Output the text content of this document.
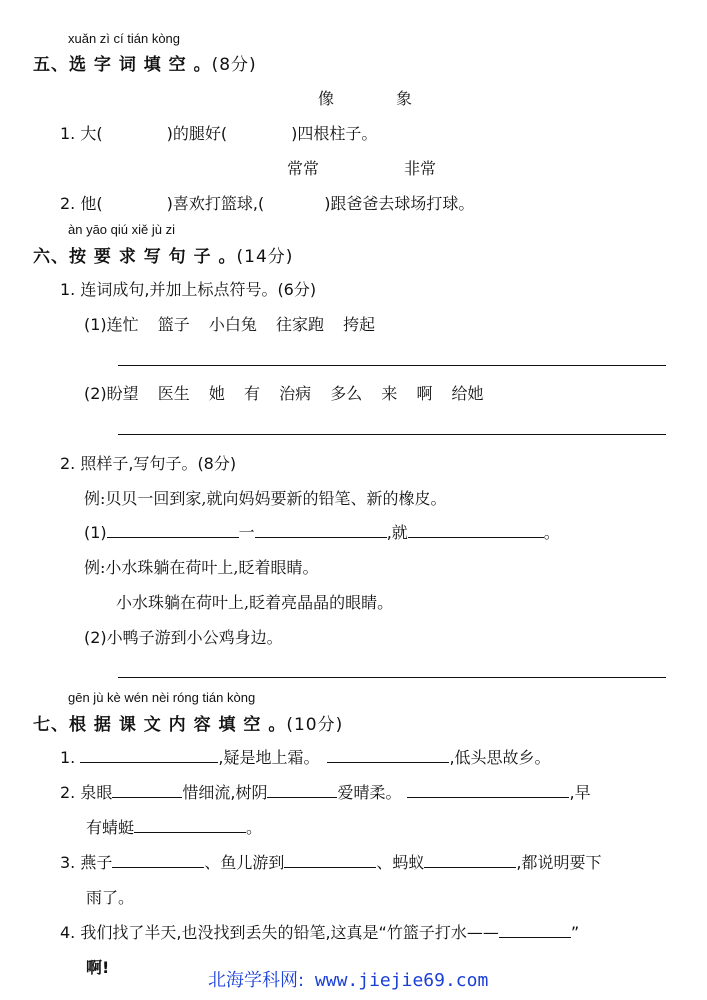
xuǎn zì cí tián kòng
五、选 字 词 填 空 。(8分)
像	象
1. 大(	)的腿好(	)四根柱子。
常常	非常
2. 他(	)喜欢打篮球,(	)跟爸爸去球场打球。
àn yāo qiú xiě jù zi
六、按 要 求 写 句 子 。(14分)
1. 连词成句,并加上标点符号。(6分)
(1)连忙 篮子 小白兔 往家跑 挎起
(2)盼望 医生 她 有 治病 多么 来 啊 给她
2. 照样子,写句子。(8分)
例:贝贝一回到家,就向妈妈要新的铅笔、新的橡皮。
(1)	一	,就	。
例:小水珠躺在荷叶上,眨着眼睛。
小水珠躺在荷叶上,眨着亮晶晶的眼睛。
(2)小鸭子游到小公鸡身边。
gēn jù kè wén nèi róng tián kòng
七、根 据 课 文 内 容 填 空 。(10分)
1.	,疑是地上霜。	,低头思故乡。
2. 泉眼	惜细流,树阴	爱晴柔。	,早
有蜻蜓	。
3. 燕子	、鱼儿游到	、蚂蚁	,都说明要下
雨了。
4. 我们找了半天,也没找到丢失的铅笔,这真是“竹篮子打水——	”
啊!
北海学科网: www.jiejie69.com
